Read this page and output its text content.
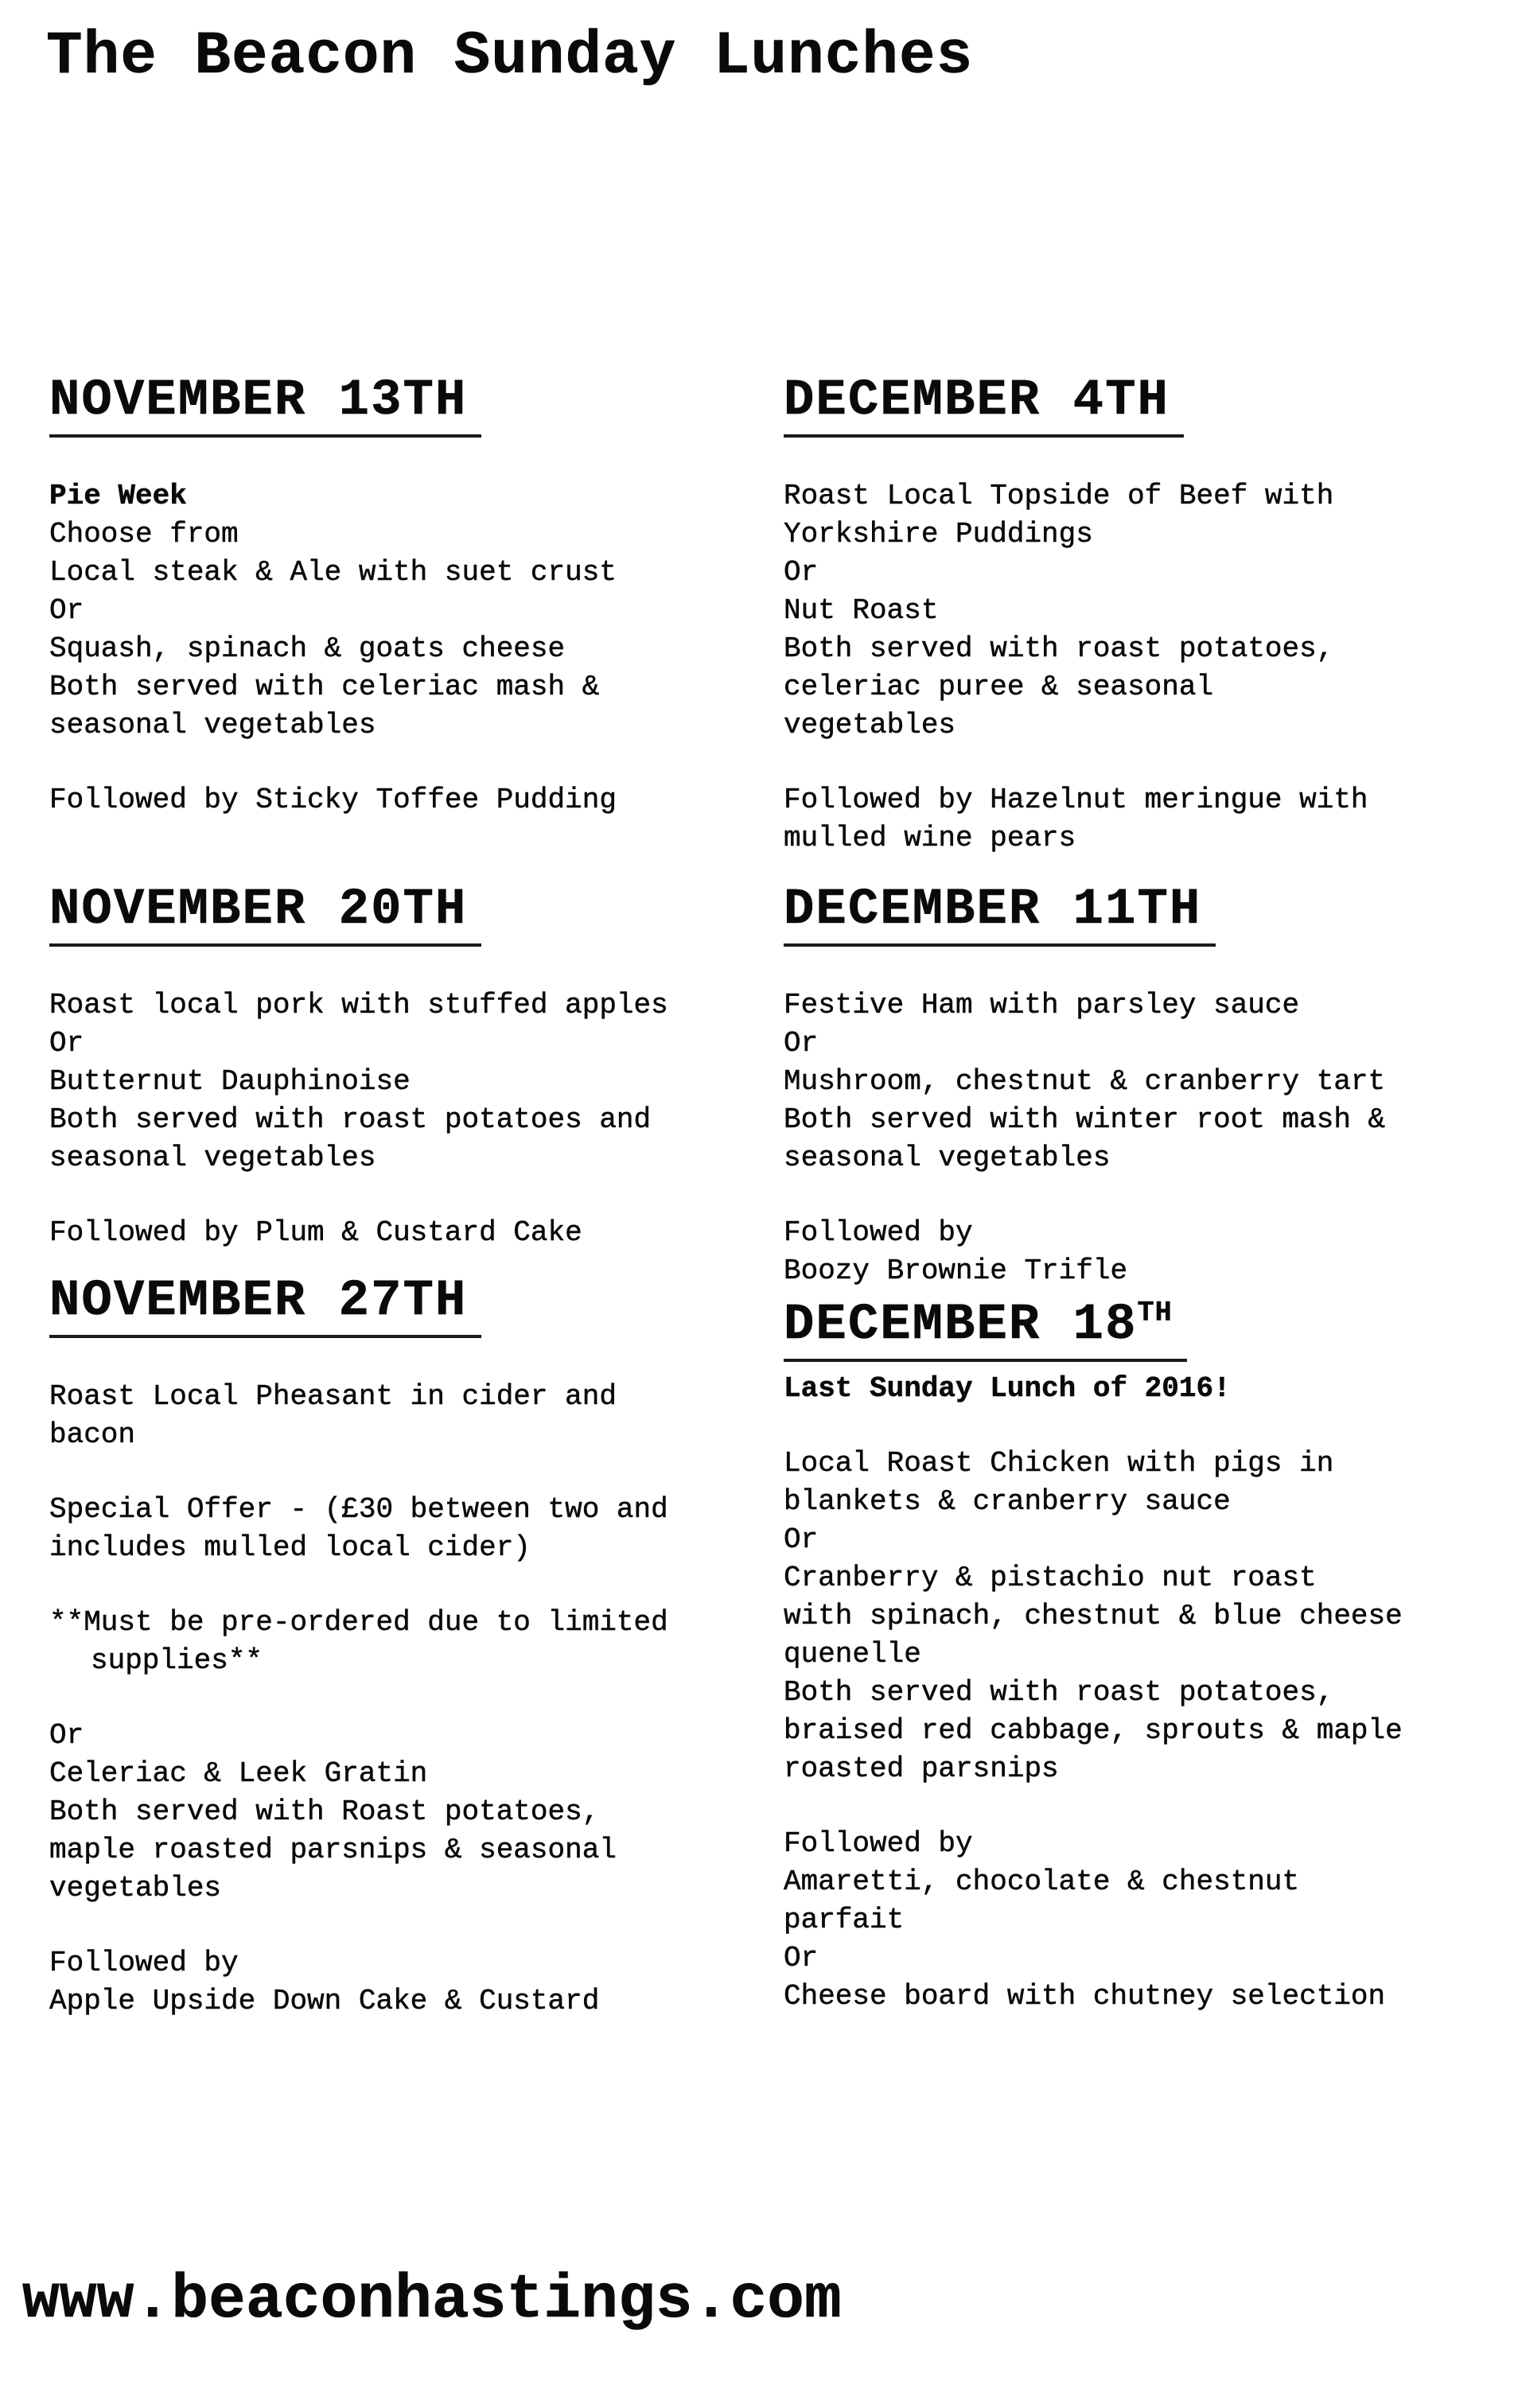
The Beacon Sunday Lunches
NOVEMBER 13TH
Pie Week
Choose from
Local steak & Ale with suet crust
Or
Squash, spinach & goats cheese
Both served with celeriac mash &
seasonal vegetables
Followed by Sticky Toffee Pudding
NOVEMBER 20TH
Roast local pork with stuffed apples
Or
Butternut Dauphinoise
Both served with roast potatoes and
seasonal vegetables
Followed by Plum & Custard Cake
NOVEMBER 27TH
Roast Local Pheasant in cider and
bacon
Special Offer - (£30 between two and
includes mulled local cider)
**Must be pre-ordered due to limited
supplies**
Or
Celeriac & Leek Gratin
Both served with Roast potatoes,
maple roasted parsnips & seasonal
vegetables
Followed by
Apple Upside Down Cake & Custard
DECEMBER 4TH
Roast Local Topside of Beef with
Yorkshire Puddings
Or
Nut Roast
Both served with roast potatoes,
celeriac puree & seasonal
vegetables
Followed by Hazelnut meringue with
mulled wine pears
DECEMBER 11TH
Festive Ham with parsley sauce
Or
Mushroom, chestnut & cranberry tart
Both served with winter root mash &
seasonal vegetables
Followed by
Boozy Brownie Trifle
DECEMBER 18TH
Last Sunday Lunch of 2016!
Local Roast Chicken with pigs in
blankets & cranberry sauce
Or
Cranberry & pistachio nut roast
with spinach, chestnut & blue cheese
quenelle
Both served with roast potatoes,
braised red cabbage, sprouts & maple
roasted parsnips
Followed by
Amaretti, chocolate & chestnut
parfait
Or
Cheese board with chutney selection

www.beaconhastings.com
